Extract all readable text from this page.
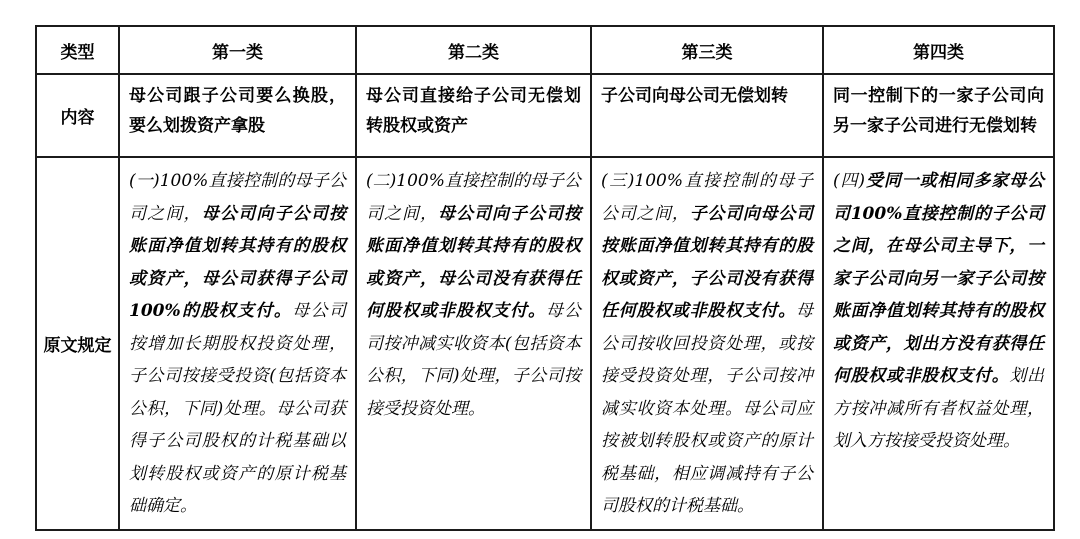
类型	第一类	第二类	第三类	第四类
内容	母公司跟子公司要么换股，要么划拨资产拿股	母公司直接给子公司无偿划转股权或资产	子公司向母公司无偿划转	同一控制下的一家子公司向另一家子公司进行无偿划转
原文规定	(一)100%直接控制的母子公司之间，母公司向子公司按账面净值划转其持有的股权或资产，母公司获得子公司100%的股权支付。母公司按增加长期股权投资处理，子公司按接受投资(包括资本公积，下同)处理。母公司获得子公司股权的计税基础以划转股权或资产的原计税基础确定。	(二)100%直接控制的母子公司之间，母公司向子公司按账面净值划转其持有的股权或资产，母公司没有获得任何股权或非股权支付。母公司按冲减实收资本(包括资本公积，下同)处理，子公司按接受投资处理。	(三)100%直接控制的母子公司之间，子公司向母公司按账面净值划转其持有的股权或资产，子公司没有获得任何股权或非股权支付。母公司按收回投资处理，或按接受投资处理，子公司按冲减实收资本处理。母公司应按被划转股权或资产的原计税基础，相应调减持有子公司股权的计税基础。	(四)受同一或相同多家母公司100%直接控制的子公司之间，在母公司主导下，一家子公司向另一家子公司按账面净值划转其持有的股权或资产，划出方没有获得任何股权或非股权支付。划出方按冲减所有者权益处理，划入方按接受投资处理。
